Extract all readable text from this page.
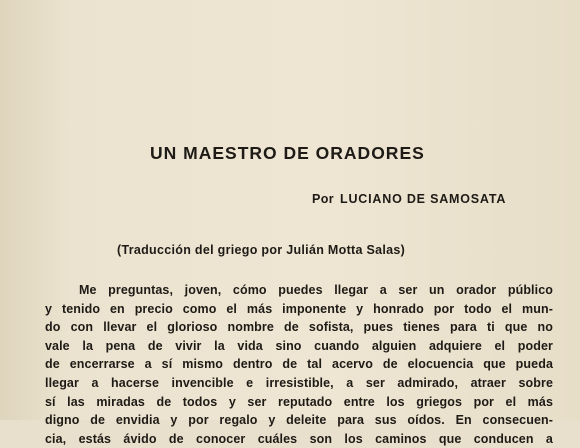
UN MAESTRO DE ORADORES
Por LUCIANO DE SAMOSATA
(Traducción del griego por Julián Motta Salas)
Me preguntas, joven, cómo puedes llegar a ser un orador público
y tenido en precio como el más imponente y honrado por todo el mun-
do con llevar el glorioso nombre de sofista, pues tienes para ti que no
vale la pena de vivir la vida sino cuando alguien adquiere el poder
de encerrarse a sí mismo dentro de tal acervo de elocuencia que pueda
llegar a hacerse invencible e irresistible, a ser admirado, atraer sobre
sí las miradas de todos y ser reputado entre los griegos por el más
digno de envidia y por regalo y deleite para sus oídos. En consecuen-
cia, estás ávido de conocer cuáles son los caminos que conducen a
